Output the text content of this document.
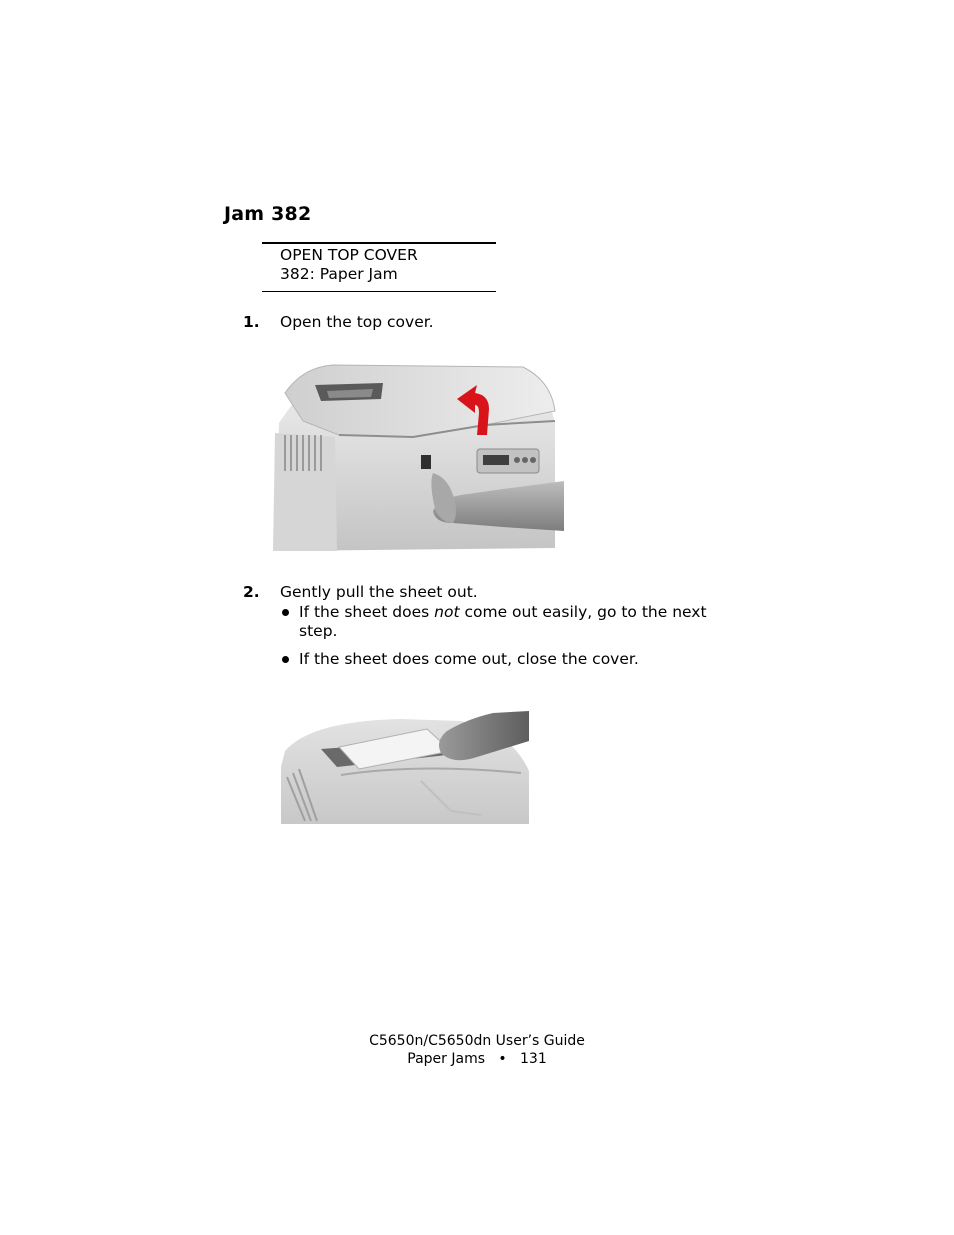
Jam 382
OPEN TOP COVER
382: Paper Jam
1. Open the top cover.
2. Gently pull the sheet out.
If the sheet does not come out easily, go to the next step.
If the sheet does come out, close the cover.
C5650n/C5650dn User’s Guide
Paper Jams • 131
